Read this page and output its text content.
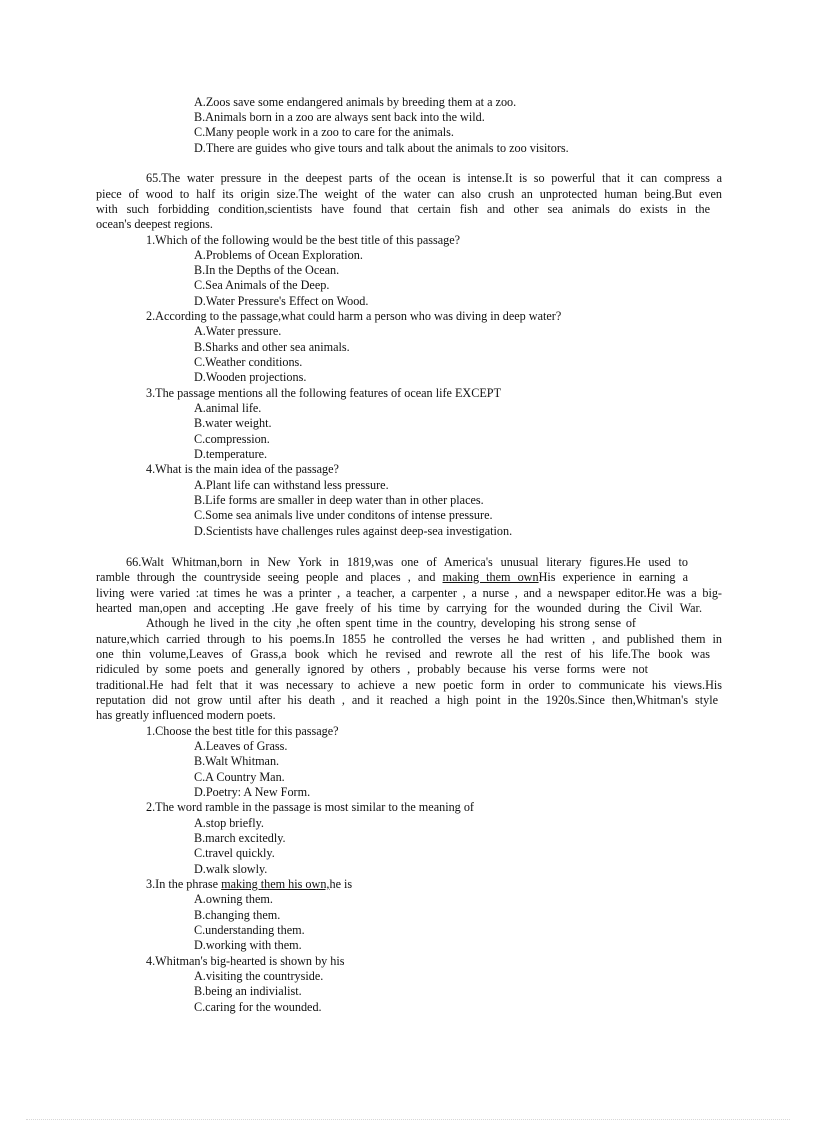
A.Zoos save some endangered animals by breeding them at a zoo.
B.Animals born in a zoo are always sent back into the wild.
C.Many people work in a zoo to care for the animals.
D.There are guides who give tours and talk about the animals to zoo visitors.
65.The water pressure in the deepest parts of the ocean is intense.It is so powerful that it can compress a
piece of wood to half its origin size.The weight of the water can also crush an unprotected human being.But even
with such forbidding condition,scientists have found that certain fish and other sea animals do exists in the
ocean's deepest regions.
1.Which of the following would be the best title of this passage?
A.Problems of Ocean Exploration.
B.In the Depths of the Ocean.
C.Sea Animals of the Deep.
D.Water Pressure's Effect on Wood.
2.According to the passage,what could harm a person who was diving in deep water?
A.Water pressure.
B.Sharks and other sea animals.
C.Weather conditions.
D.Wooden projections.
3.The passage mentions all the following features of ocean life EXCEPT
A.animal life.
B.water weight.
C.compression.
D.temperature.
4.What is the main idea of the passage?
A.Plant life can withstand less pressure.
B.Life forms are smaller in deep water than in other places.
C.Some sea animals live under conditons of intense pressure.
D.Scientists have challenges rules against deep-sea investigation.
66.Walt Whitman,born in New York in 1819,was one of America's unusual literary figures.He used to
ramble through the countryside seeing people and places , and making them ownHis experience in earning a
living were varied :at times he was a printer , a teacher, a carpenter , a nurse , and a newspaper editor.He was a big-
hearted man,open and accepting .He gave freely of his time by carrying for the wounded during the Civil War.
Athough he lived in the city ,he often spent time in the country, developing his strong sense of
nature,which carried through to his poems.In 1855 he controlled the verses he had written , and published them in
one thin volume,Leaves of Grass,a book which he revised and rewrote all the rest of his life.The book was
ridiculed by some poets and generally ignored by others , probably because his verse forms were not
traditional.He had felt that it was necessary to achieve a new poetic form in order to communicate his views.His
reputation did not grow until after his death , and it reached a high point in the 1920s.Since then,Whitman's style
has greatly influenced modern poets.
1.Choose the best title for this passage?
A.Leaves of Grass.
B.Walt Whitman.
C.A Country Man.
D.Poetry: A New Form.
2.The word ramble in the passage is most similar to the meaning of
A.stop briefly.
B.march excitedly.
C.travel quickly.
D.walk slowly.
3.In the phrase making them his own,he is
A.owning them.
B.changing them.
C.understanding them.
D.working with them.
4.Whitman's big-hearted is shown by his
A.visiting the countryside.
B.being an indivialist.
C.caring for the wounded.
